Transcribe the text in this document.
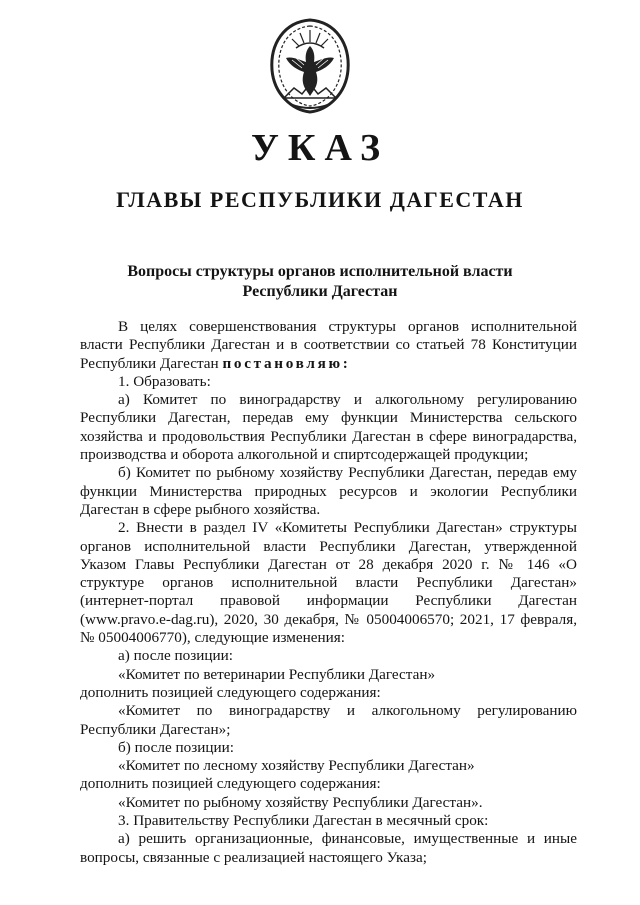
УКАЗ
ГЛАВЫ РЕСПУБЛИКИ ДАГЕСТАН
Вопросы структуры органов исполнительной власти
Республики Дагестан

В целях совершенствования структуры органов исполнительной власти Республики Дагестан и в соответствии со статьей 78 Конституции Республики Дагестан постановляю:

1. Образовать:

а) Комитет по виноградарству и алкогольному регулированию Республики Дагестан, передав ему функции Министерства сельского хозяйства и продовольствия Республики Дагестан в сфере виноградарства, производства и оборота алкогольной и спиртсодержащей продукции;

б) Комитет по рыбному хозяйству Республики Дагестан, передав ему функции Министерства природных ресурсов и экологии Республики Дагестан в сфере рыбного хозяйства.

2. Внести в раздел IV «Комитеты Республики Дагестан» структуры органов исполнительной власти Республики Дагестан, утвержденной Указом Главы Республики Дагестан от 28 декабря 2020 г. № 146 «О структуре органов исполнительной власти Республики Дагестан» (интернет-портал правовой информации Республики Дагестан (www.pravo.e-dag.ru), 2020, 30 декабря, № 05004006570; 2021, 17 февраля, № 05004006770), следующие изменения:

а) после позиции:

«Комитет по ветеринарии Республики Дагестан»

дополнить позицией следующего содержания:

«Комитет по виноградарству и алкогольному регулированию Республики Дагестан»;

б) после позиции:

«Комитет по лесному хозяйству Республики Дагестан»

дополнить позицией следующего содержания:

«Комитет по рыбному хозяйству Республики Дагестан».

3. Правительству Республики Дагестан в месячный срок:

а) решить организационные, финансовые, имущественные и иные вопросы, связанные с реализацией настоящего Указа;
